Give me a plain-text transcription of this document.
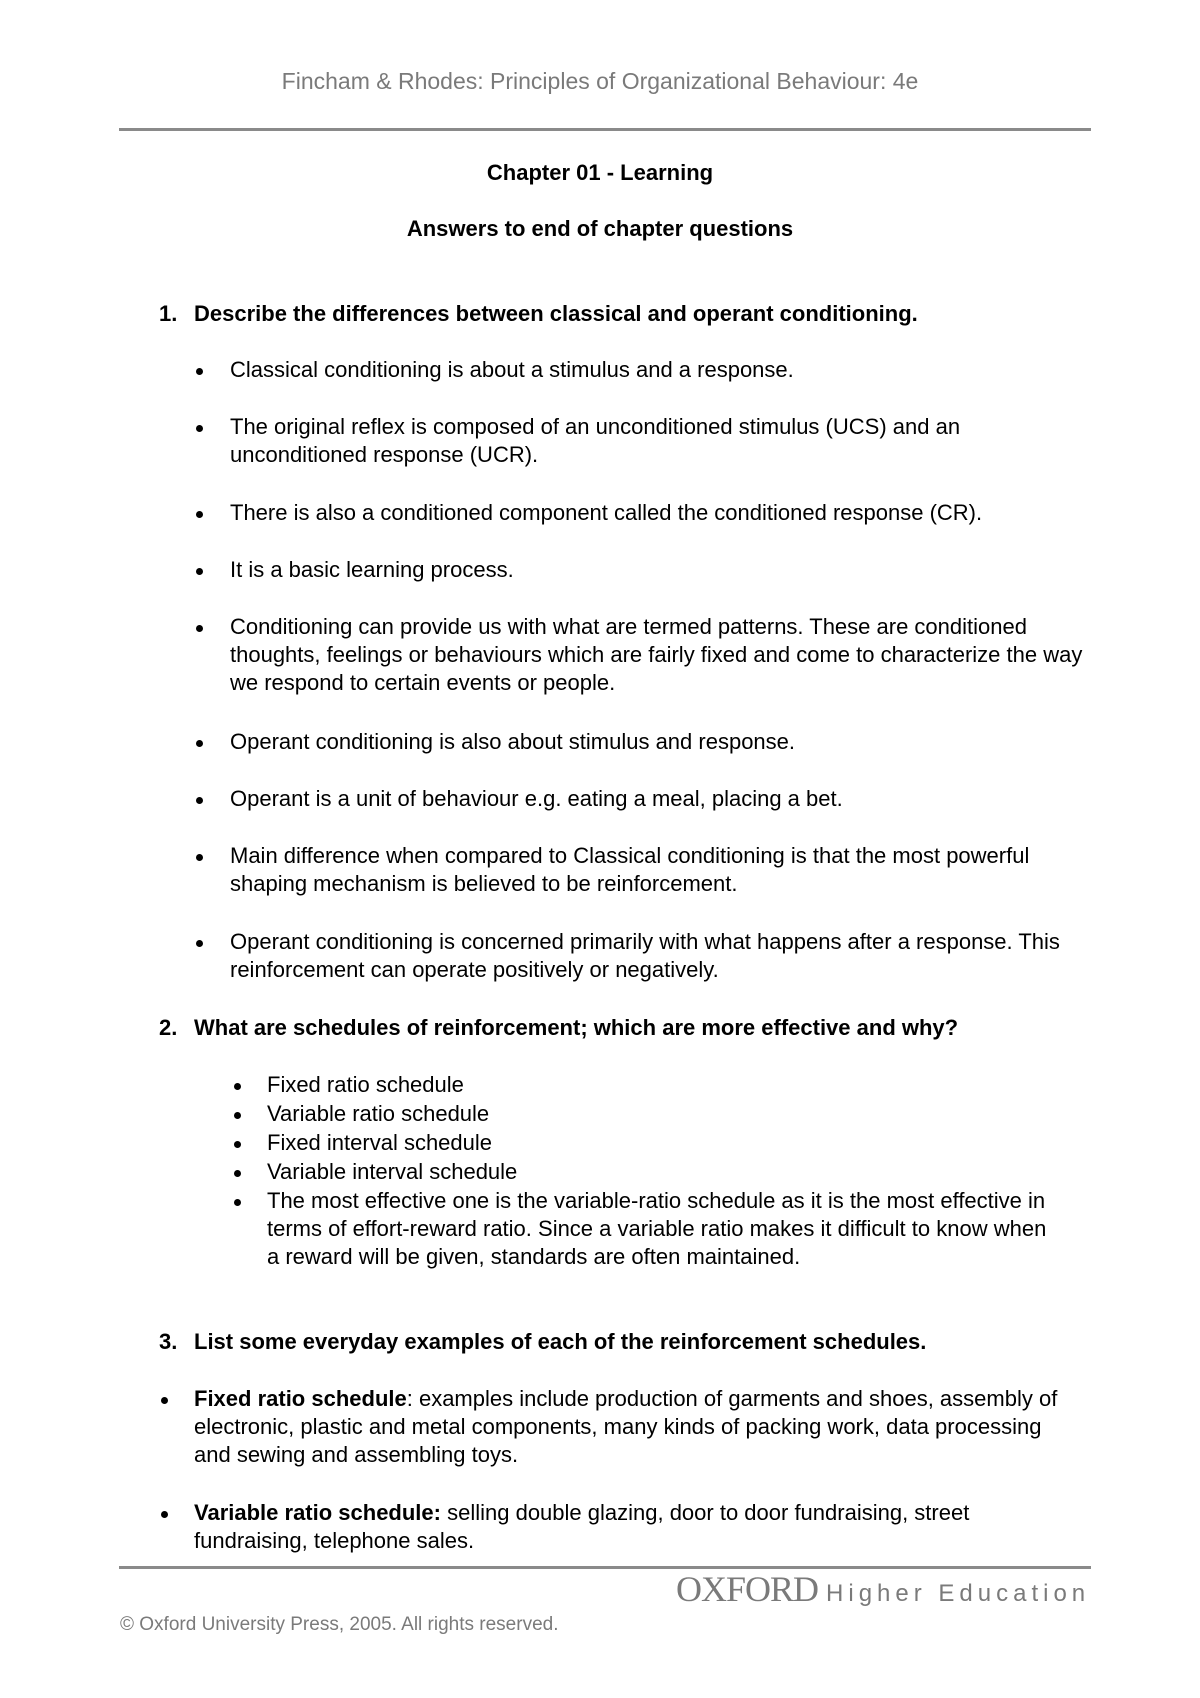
Fincham & Rhodes: Principles of Organizational Behaviour: 4e
Chapter 01 - Learning
Answers to end of chapter questions
1. Describe the differences between classical and operant conditioning.
Classical conditioning is about a stimulus and a response.
The original reflex is composed of an unconditioned stimulus (UCS) and an unconditioned response (UCR).
There is also a conditioned component called the conditioned response (CR).
It is a basic learning process.
Conditioning can provide us with what are termed patterns. These are conditioned thoughts, feelings or behaviours which are fairly fixed and come to characterize the way we respond to certain events or people.
Operant conditioning is also about stimulus and response.
Operant is a unit of behaviour e.g. eating a meal, placing a bet.
Main difference when compared to Classical conditioning is that the most powerful shaping mechanism is believed to be reinforcement.
Operant conditioning is concerned primarily with what happens after a response. This reinforcement can operate positively or negatively.
2. What are schedules of reinforcement; which are more effective and why?
Fixed ratio schedule
Variable ratio schedule
Fixed interval schedule
Variable interval schedule
The most effective one is the variable-ratio schedule as it is the most effective in terms of effort-reward ratio. Since a variable ratio makes it difficult to know when a reward will be given, standards are often maintained.
3. List some everyday examples of each of the reinforcement schedules.
Fixed ratio schedule: examples include production of garments and shoes, assembly of electronic, plastic and metal components, many kinds of packing work, data processing and sewing and assembling toys.
Variable ratio schedule: selling double glazing, door to door fundraising, street fundraising, telephone sales.
OXFORD Higher Education
© Oxford University Press, 2005. All rights reserved.
